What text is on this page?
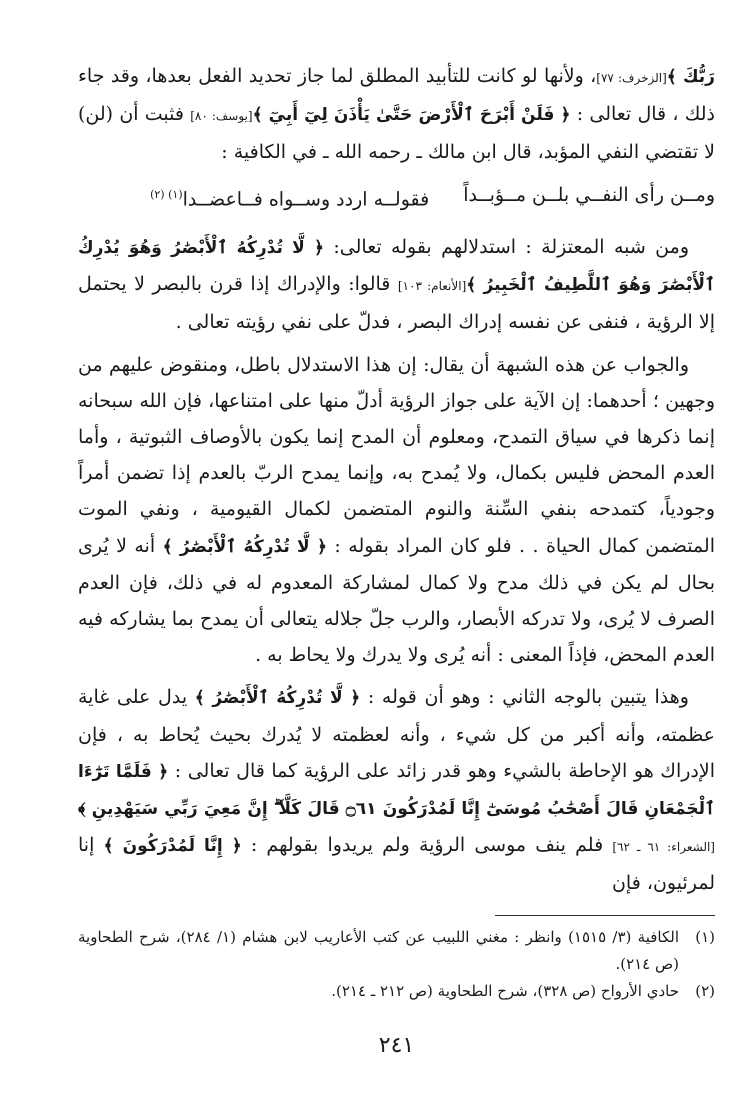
رَبُّكَ ﴾[الزخرف: ٧٧]، ولأنها لو كانت للتأبيد المطلق لما جاز تحديد الفعل بعدها، وقد جاء ذلك ، قال تعالى : ﴿ فَلَنْ أَبْرَحَ ٱلْأَرْضَ حَتَّىٰ يَأْذَنَ لِيٓ أَبِيٓ ﴾[يوسف: ٨٠] فثبت أن (لن) لا تقتضي النفي المؤبد، قال ابن مالك ـ رحمه الله ـ في الكافية :

ومــن رأى النفــي بلــن مــؤبــداً
فقولــه اردد وســواه فــاعضــدا$^{(١) (٢)}$

ومن شبه المعتزلة : استدلالهم بقوله تعالى: ﴿ لَّا تُدْرِكُهُ ٱلْأَبْصَٰرُ وَهُوَ يُدْرِكُ ٱلْأَبْصَٰرَ وَهُوَ ٱللَّطِيفُ ٱلْخَبِيرُ ﴾[الأنعام: ١٠٣] قالوا: والإدراك إذا قرن بالبصر لا يحتمل إلا الرؤية ، فنفى عن نفسه إدراك البصر ، فدلّ على نفي رؤيته تعالى .

والجواب عن هذه الشبهة أن يقال: إن هذا الاستدلال باطل، ومنقوض عليهم من وجهين ؛ أحدهما: إن الآية على جواز الرؤية أدلّ منها على امتناعها، فإن الله سبحانه إنما ذكرها في سياق التمدح، ومعلوم أن المدح إنما يكون بالأوصاف الثبوتية ، وأما العدم المحض فليس بكمال، ولا يُمدح به، وإنما يمدح الربّ بالعدم إذا تضمن أمراً وجودياً، كتمدحه بنفي السِّنة والنوم المتضمن لكمال القيومية ، ونفي الموت المتضمن كمال الحياة . . فلو كان المراد بقوله : ﴿ لَّا تُدْرِكُهُ ٱلْأَبْصَٰرُ ﴾ أنه لا يُرى بحال لم يكن في ذلك مدح ولا كمال لمشاركة المعدوم له في ذلك، فإن العدم الصرف لا يُرى، ولا تدركه الأبصار، والرب جلّ جلاله يتعالى أن يمدح بما يشاركه فيه العدم المحض، فإذاً المعنى : أنه يُرى ولا يدرك ولا يحاط به .

وهذا يتبين بالوجه الثاني : وهو أن قوله : ﴿ لَّا تُدْرِكُهُ ٱلْأَبْصَٰرُ ﴾ يدل على غاية عظمته، وأنه أكبر من كل شيء ، وأنه لعظمته لا يُدرك بحيث يُحاط به ، فإن الإدراك هو الإحاطة بالشيء وهو قدر زائد على الرؤية كما قال تعالى : ﴿ فَلَمَّا تَرَٰٓءَا ٱلْجَمْعَانِ قَالَ أَصْحَٰبُ مُوسَىٰٓ إِنَّا لَمُدْرَكُونَ ۝٦١ قَالَ كَلَّآ ۖ إِنَّ مَعِيَ رَبِّي سَيَهْدِينِ ﴾[الشعراء: ٦١ ـ ٦٢] فلم ينف موسى الرؤية ولم يريدوا بقولهم : ﴿ إِنَّا لَمُدْرَكُونَ ﴾ إنا لمرئيون، فإن

(١)
الكافية (٣/ ١٥١٥) وانظر : مغني اللبيب عن كتب الأعاريب لابن هشام (١/ ٢٨٤)، شرح الطحاوية (ص ٢١٤).

(٢)
حادي الأرواح (ص ٣٢٨)، شرح الطحاوية (ص ٢١٢ ـ ٢١٤).

٢٤١
